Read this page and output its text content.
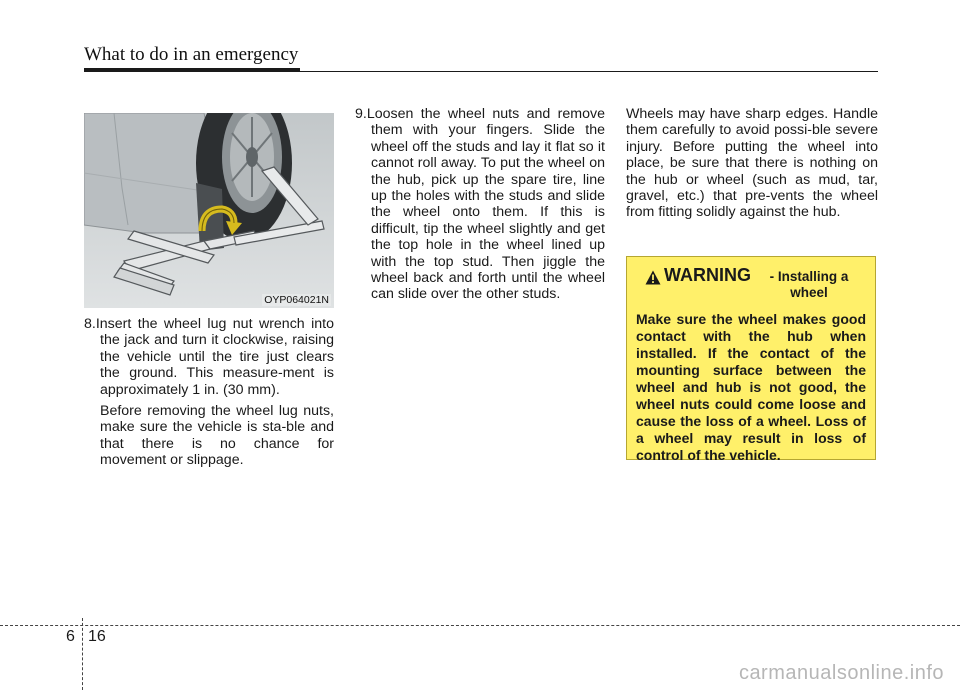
What to do in an emergency
OYP064021N

8.Insert the wheel lug nut wrench into the jack and turn it clockwise, raising the vehicle until the tire just clears the ground. This measure-ment is approximately 1 in. (30 mm).

Before removing the wheel lug nuts, make sure the vehicle is sta-ble and that there is no chance for movement or slippage.

9.Loosen the wheel nuts and remove them with your fingers. Slide the wheel off the studs and lay it flat so it cannot roll away. To put the wheel on the hub, pick up the spare tire, line up the holes with the studs and slide the wheel onto them. If this is difficult, tip the wheel slightly and get the top hole in the wheel lined up with the top stud. Then jiggle the wheel back and forth until the wheel can slide over the other studs.

Wheels may have sharp edges. Handle them carefully to avoid possi-ble severe injury. Before putting the wheel into place, be sure that there is nothing on the hub or wheel (such as mud, tar, gravel, etc.) that pre-vents the wheel from fitting solidly against the hub.

WARNING - Installing a wheel

Make sure the wheel makes good contact with the hub when installed. If the contact of the mounting surface between the wheel and hub is not good, the wheel nuts could come loose and cause the loss of a wheel. Loss of a wheel may result in loss of control of the vehicle.

6 16
carmanualsonline.info
